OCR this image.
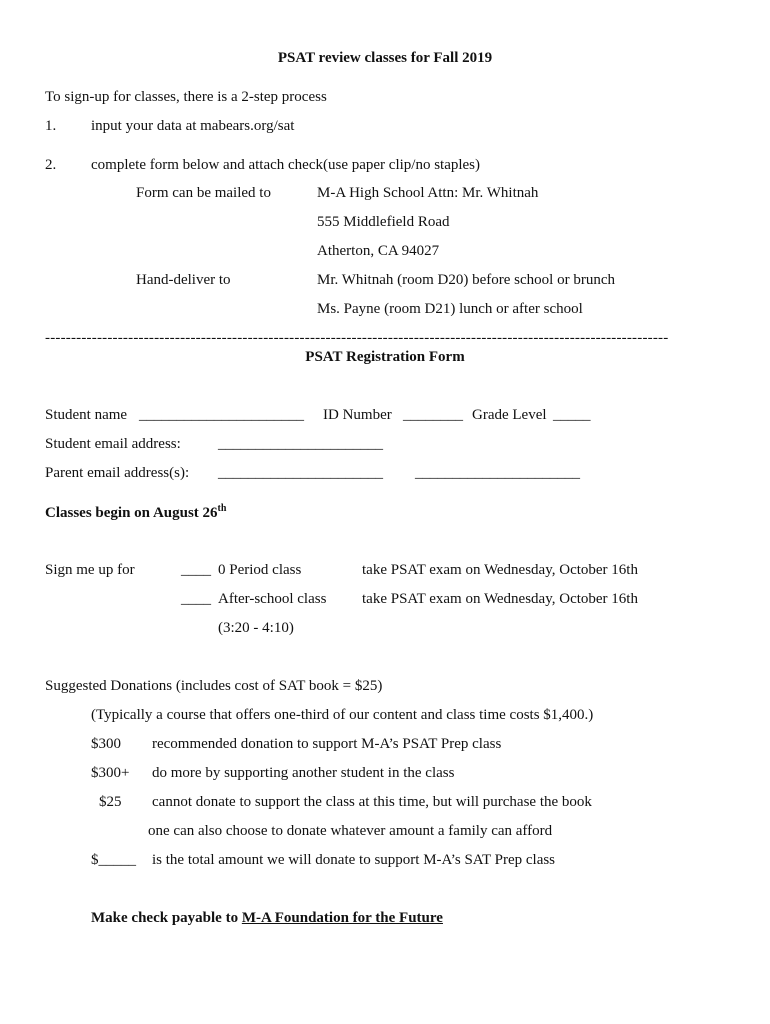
PSAT review classes for Fall 2019
To sign-up for classes, there is a 2-step process
1. input your data at mabears.org/sat
2. complete form below and attach check(use paper clip/no staples)
Form can be mailed to	M-A High School Attn: Mr. Whitnah
555 Middlefield Road
Atherton, CA 94027
Hand-deliver to	Mr. Whitnah (room D20) before school or brunch
Ms. Payne (room D21) lunch or after school
------------------------------------------------------------------------------------------------------------------------
PSAT Registration Form
Student name ______________________ ID Number ________ Grade Level _____
Student email address: ______________________
Parent email address(s): ______________________ ______________________
Classes begin on August 26th
Sign me up for	____ 0 Period class	take PSAT exam on Wednesday, October 16th
____ After-school class take PSAT exam on Wednesday, October 16th
(3:20 - 4:10)
Suggested Donations (includes cost of SAT book = $25)
(Typically a course that offers one-third of our content and class time costs $1,400.)
$300 recommended donation to support M-A’s PSAT Prep class
$300+ do more by supporting another student in the class
$25 cannot donate to support the class at this time, but will purchase the book
one can also choose to donate whatever amount a family can afford
$_____ is the total amount we will donate to support M-A’s SAT Prep class
Make check payable to M-A Foundation for the Future
